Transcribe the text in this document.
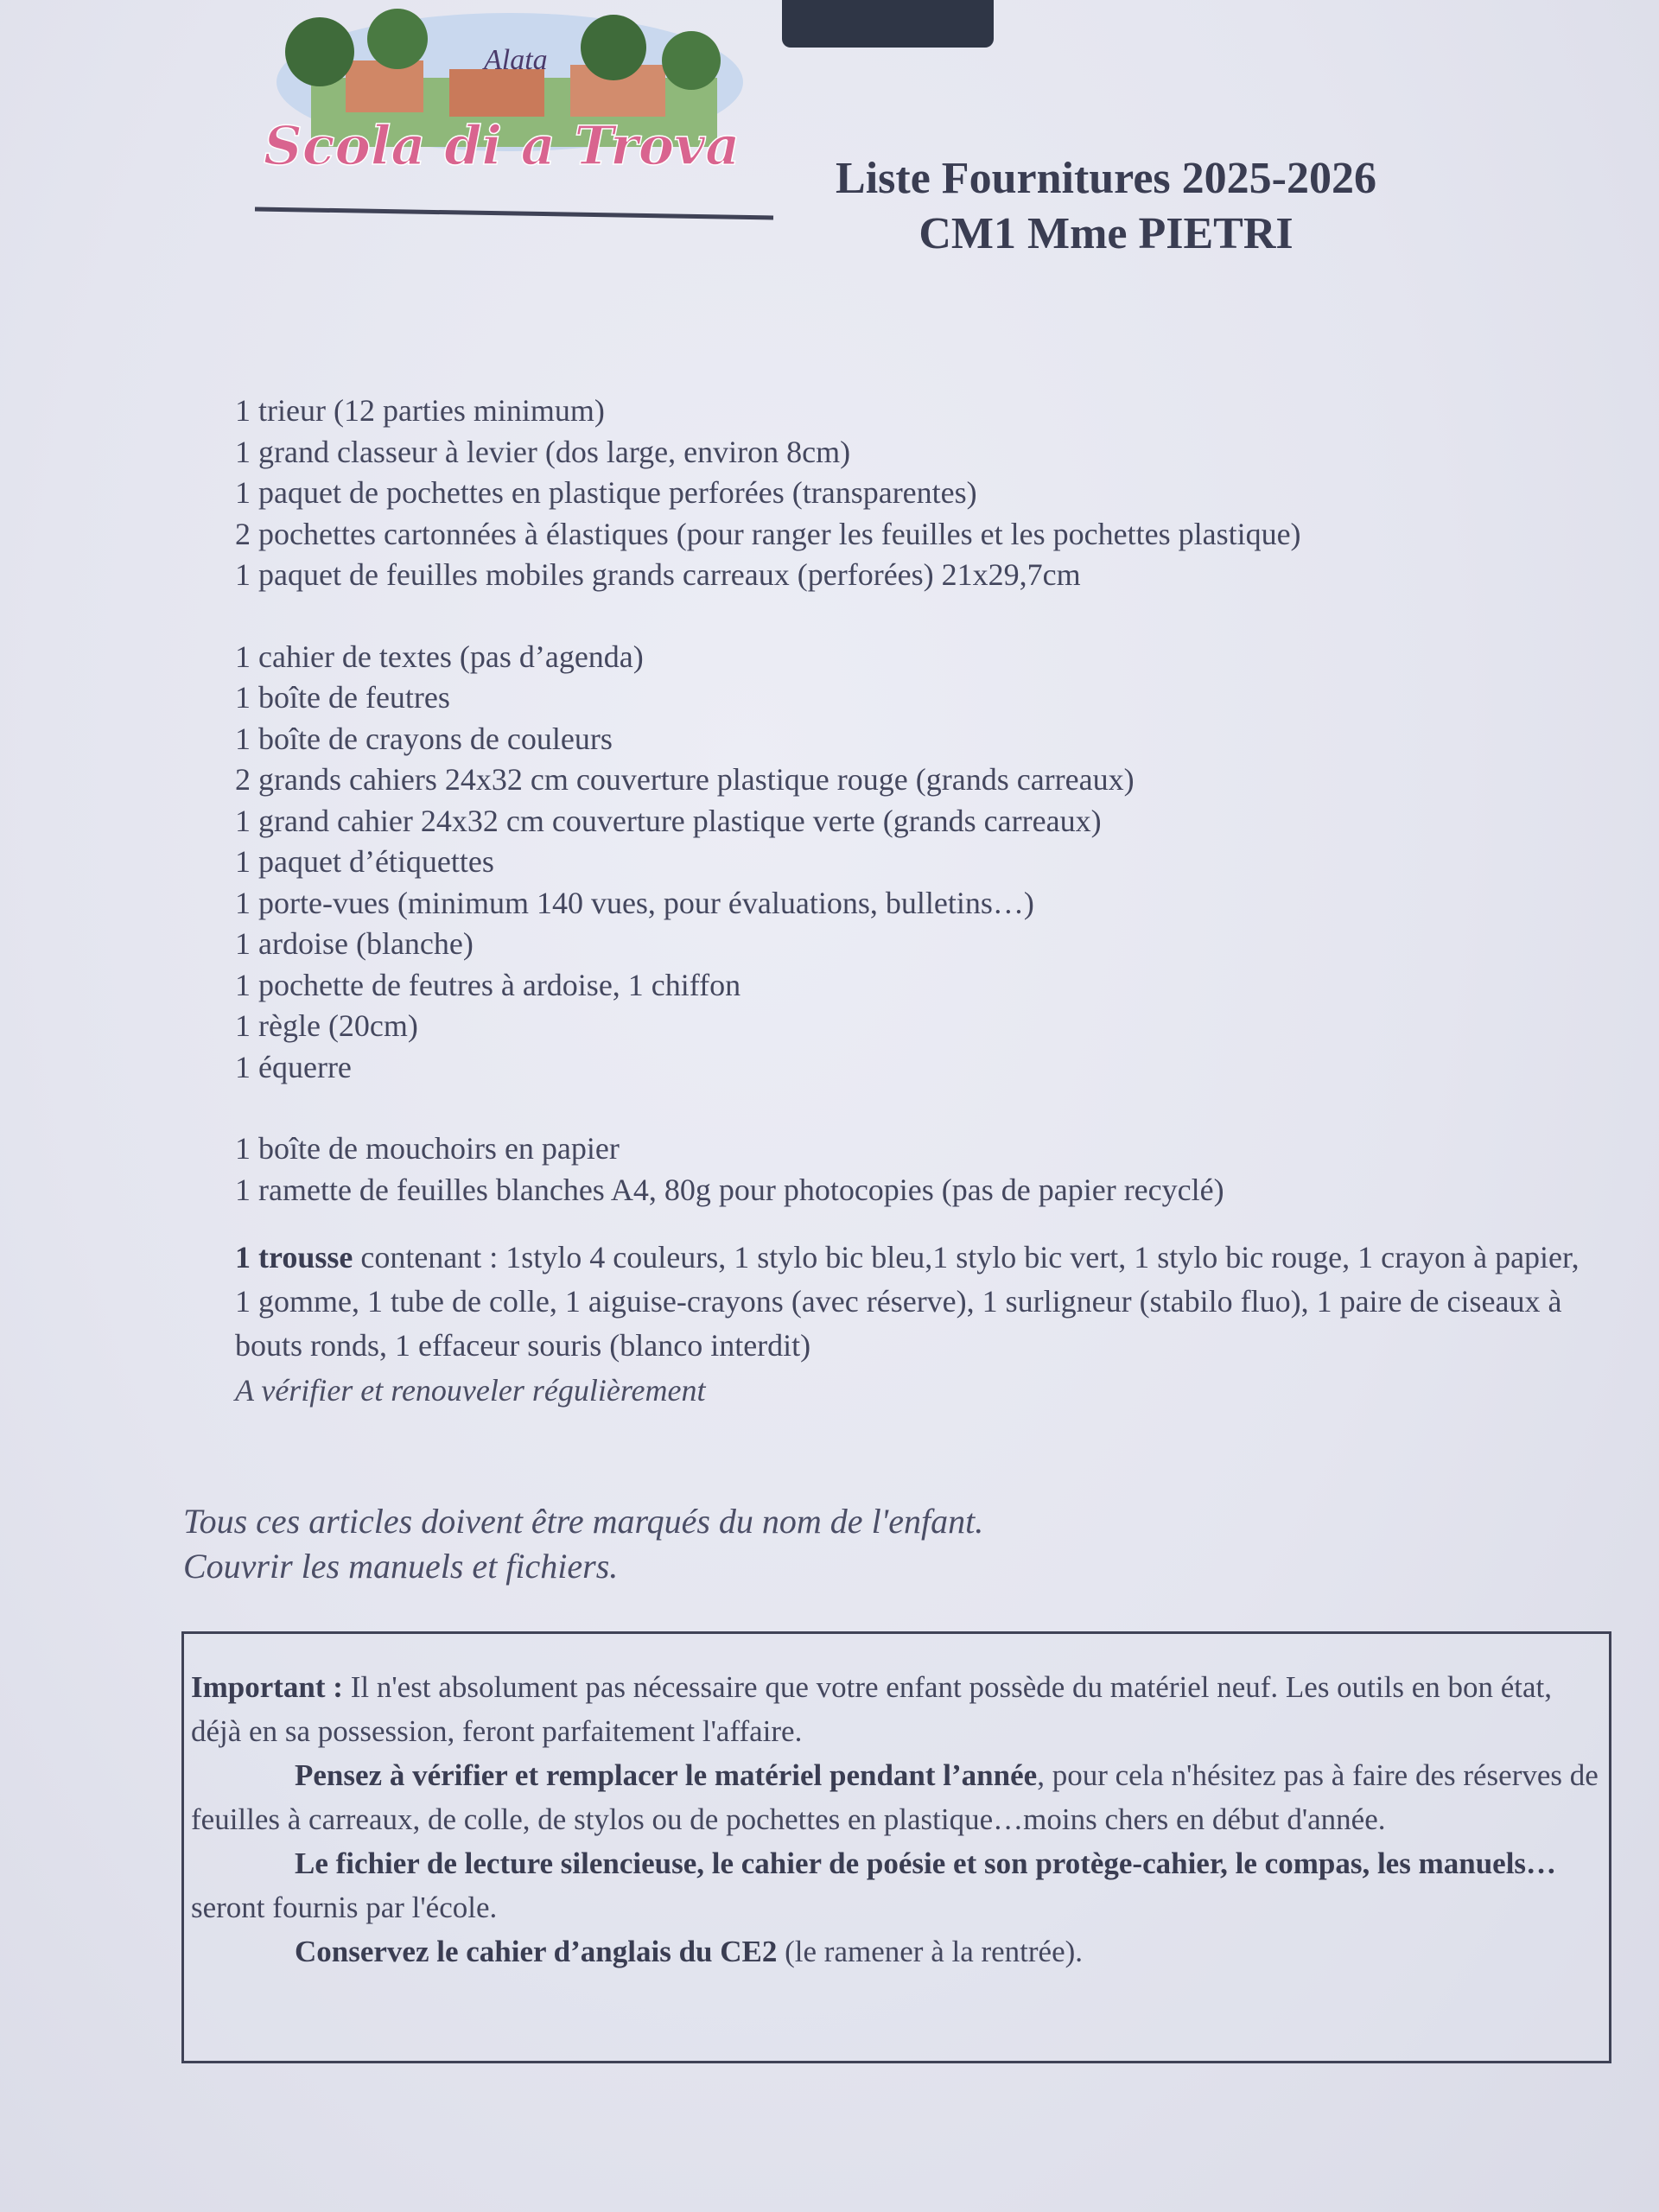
Alata
Scola di a Trova
Liste Fournitures 2025-2026
CM1 Mme PIETRI
1 trieur (12 parties minimum)
1 grand classeur à levier (dos large, environ 8cm)
1 paquet de pochettes en plastique perforées (transparentes)
2 pochettes cartonnées à élastiques (pour ranger les feuilles et les pochettes plastique)
1 paquet de feuilles mobiles grands carreaux (perforées) 21x29,7cm
1 cahier de textes (pas d’agenda)
1 boîte de feutres
1 boîte de crayons de couleurs
2 grands cahiers 24x32 cm couverture plastique rouge (grands carreaux)
1 grand cahier 24x32 cm couverture plastique verte (grands carreaux)
1 paquet d’étiquettes
1 porte-vues (minimum 140 vues, pour évaluations, bulletins…)
1 ardoise (blanche)
1 pochette de feutres à ardoise, 1 chiffon
1 règle (20cm)
1 équerre
1 boîte de mouchoirs en papier
1 ramette de feuilles blanches A4, 80g pour photocopies (pas de papier recyclé)
1 trousse contenant : 1stylo 4 couleurs, 1 stylo bic bleu,1 stylo bic vert, 1 stylo bic rouge, 1 crayon à papier, 1 gomme, 1 tube de colle, 1 aiguise-crayons (avec réserve), 1 surligneur (stabilo fluo), 1 paire de ciseaux à bouts ronds, 1 effaceur souris (blanco interdit)
A vérifier et renouveler régulièrement
Tous ces articles doivent être marqués du nom de l'enfant.
Couvrir les manuels et fichiers.

Important : Il n'est absolument pas nécessaire que votre enfant possède du matériel neuf. Les outils en bon état, déjà en sa possession, feront parfaitement l'affaire.

Pensez à vérifier et remplacer le matériel pendant l’année, pour cela n'hésitez pas à faire des réserves de feuilles à carreaux, de colle, de stylos ou de pochettes en plastique…moins chers en début d'année.

Le fichier de lecture silencieuse, le cahier de poésie et son protège-cahier, le compas, les manuels… seront fournis par l'école.

Conservez le cahier d’anglais du CE2 (le ramener à la rentrée).
